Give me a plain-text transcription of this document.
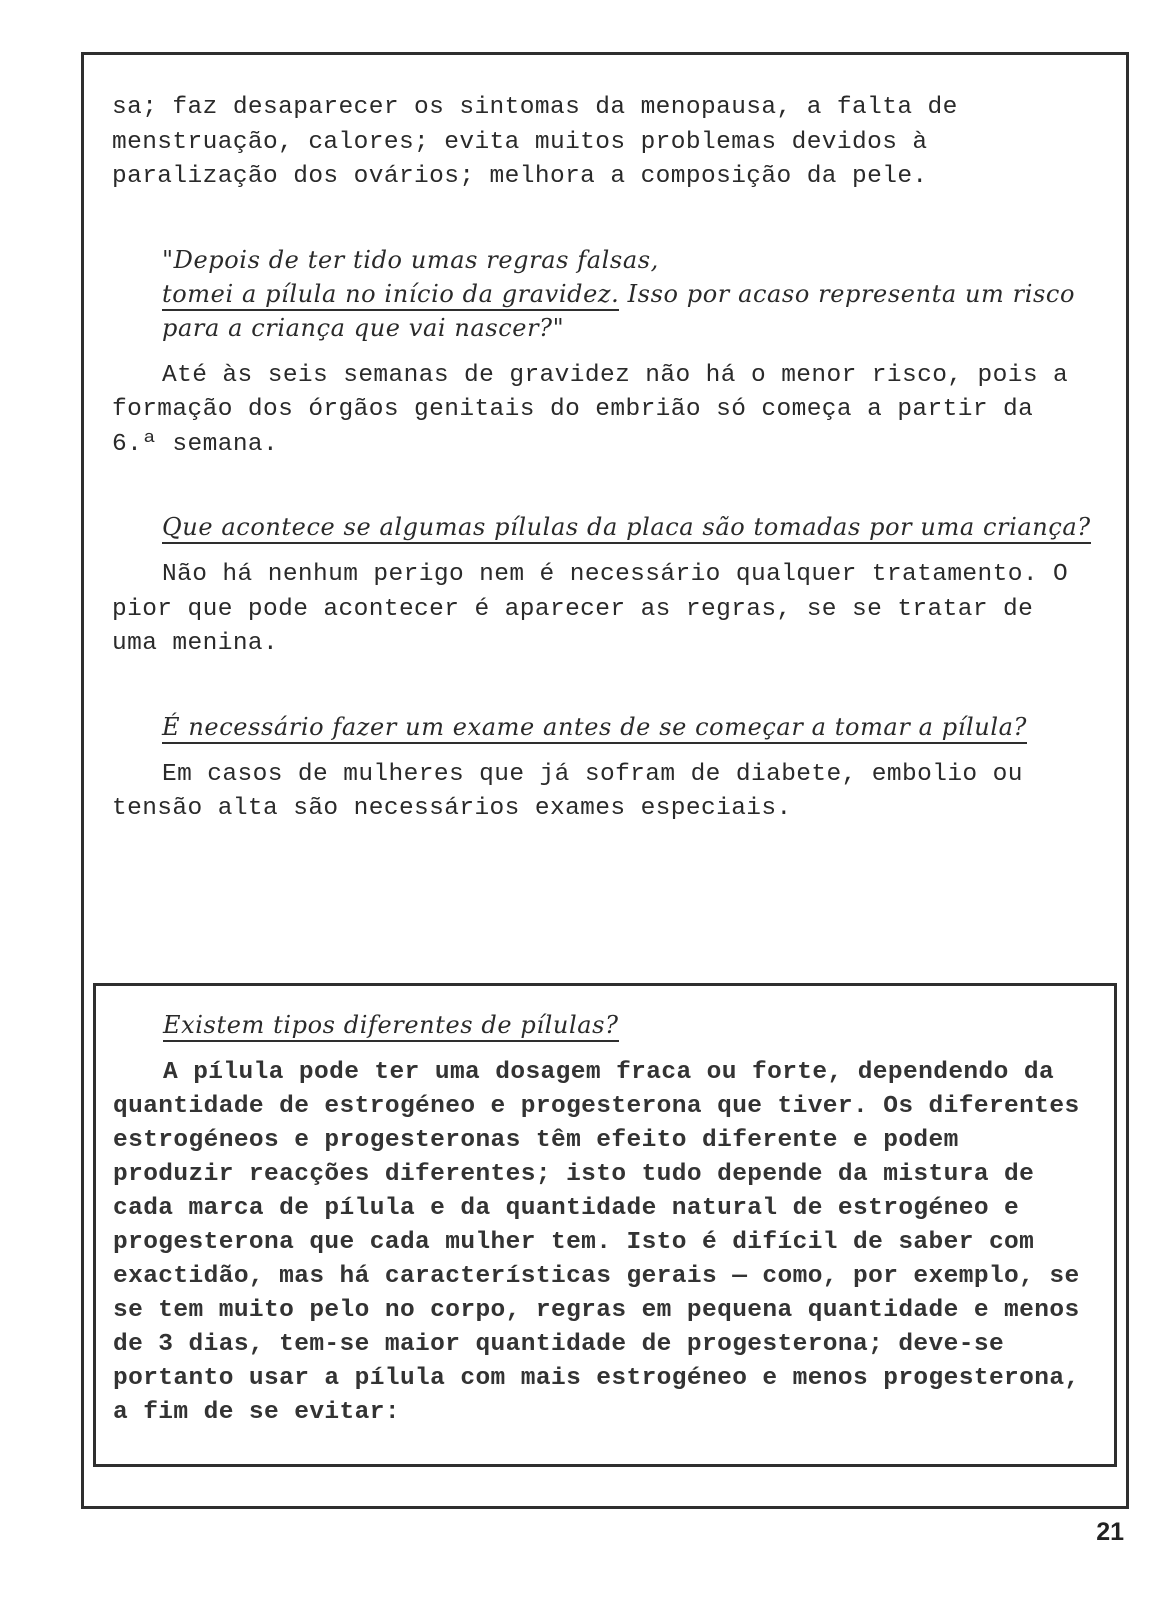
sa; faz desaparecer os sintomas da menopausa, a falta de menstruação, calores; evita muitos problemas devidos à paralização dos ovários; melhora a composição da pele.

"Depois de ter tido umas regras falsas,
tomei a pílula no início da gravidez. Isso por acaso representa um risco para a criança que vai nascer?"

Até às seis semanas de gravidez não há o menor risco, pois a formação dos órgãos genitais do embrião só começa a partir da 6.ª semana.

Que acontece se algumas pílulas da placa são tomadas por uma criança?

Não há nenhum perigo nem é necessário qualquer tratamento. O pior que pode acontecer é aparecer as regras, se se tratar de uma menina.

É necessário fazer um exame antes de se começar a tomar a pílula?

Em casos de mulheres que já sofram de diabete, embolio ou tensão alta são necessários exames especiais.

Existem tipos diferentes de pílulas?

A pílula pode ter uma dosagem fraca ou forte, dependendo da quantidade de estrogéneo e progesterona que tiver. Os diferentes estrogéneos e progesteronas têm efeito diferente e podem produzir reacções diferentes; isto tudo depende da mistura de cada marca de pílula e da quantidade natural de estrogéneo e progesterona que cada mulher tem. Isto é difícil de saber com exactidão, mas há características gerais — como, por exemplo, se se tem muito pelo no corpo, regras em pequena quantidade e menos de 3 dias, tem-se maior quantidade de progesterona; deve-se portanto usar a pílula com mais estrogéneo e menos progesterona, a fim de se evitar:

21
